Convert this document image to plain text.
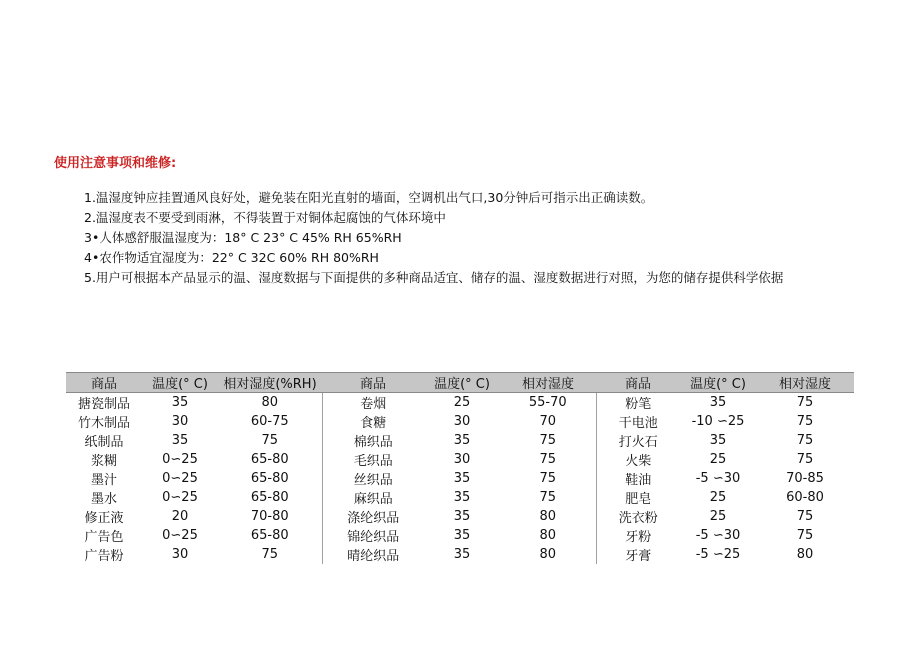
使用注意事项和维修:
1.温湿度钟应挂置通风良好处，避免装在阳光直射的墙面，空调机出气口,30分钟后可指示出正确读数。
2.温湿度表不要受到雨淋，不得装置于对铜体起腐蚀的气体环境中
3•人体感舒服温湿度为：18° C 23° C 45% RH 65%RH
4•农作物适宜湿度为：22° C 32C 60% RH 80%RH
5.用户可根据本产品显示的温、湿度数据与下面提供的多种商品适宜、储存的温、湿度数据进行对照，为您的储存提供科学依据
商品	温度(° C)	相对湿度(%RH)	商品	温度(° C)	相对湿度	商品	温度(° C)	相对湿度
搪瓷制品	35	80	卷烟	25	55-70	粉笔	35	75
竹木制品	30	60-75	食糖	30	70	干电池	-10 ∽25	75
纸制品	35	75	棉织品	35	75	打火石	35	75
浆糊	0∽25	65-80	毛织品	30	75	火柴	25	75
墨汁	0∽25	65-80	丝织品	35	75	鞋油	-5 ∽30	70-85
墨水	0∽25	65-80	麻织品	35	75	肥皂	25	60-80
修正液	20	70-80	涤纶织品	35	80	洗衣粉	25	75
广告色	0∽25	65-80	锦纶织品	35	80	牙粉	-5 ∽30	75
广告粉	30	75	晴纶织品	35	80	牙膏	-5 ∽25	80
